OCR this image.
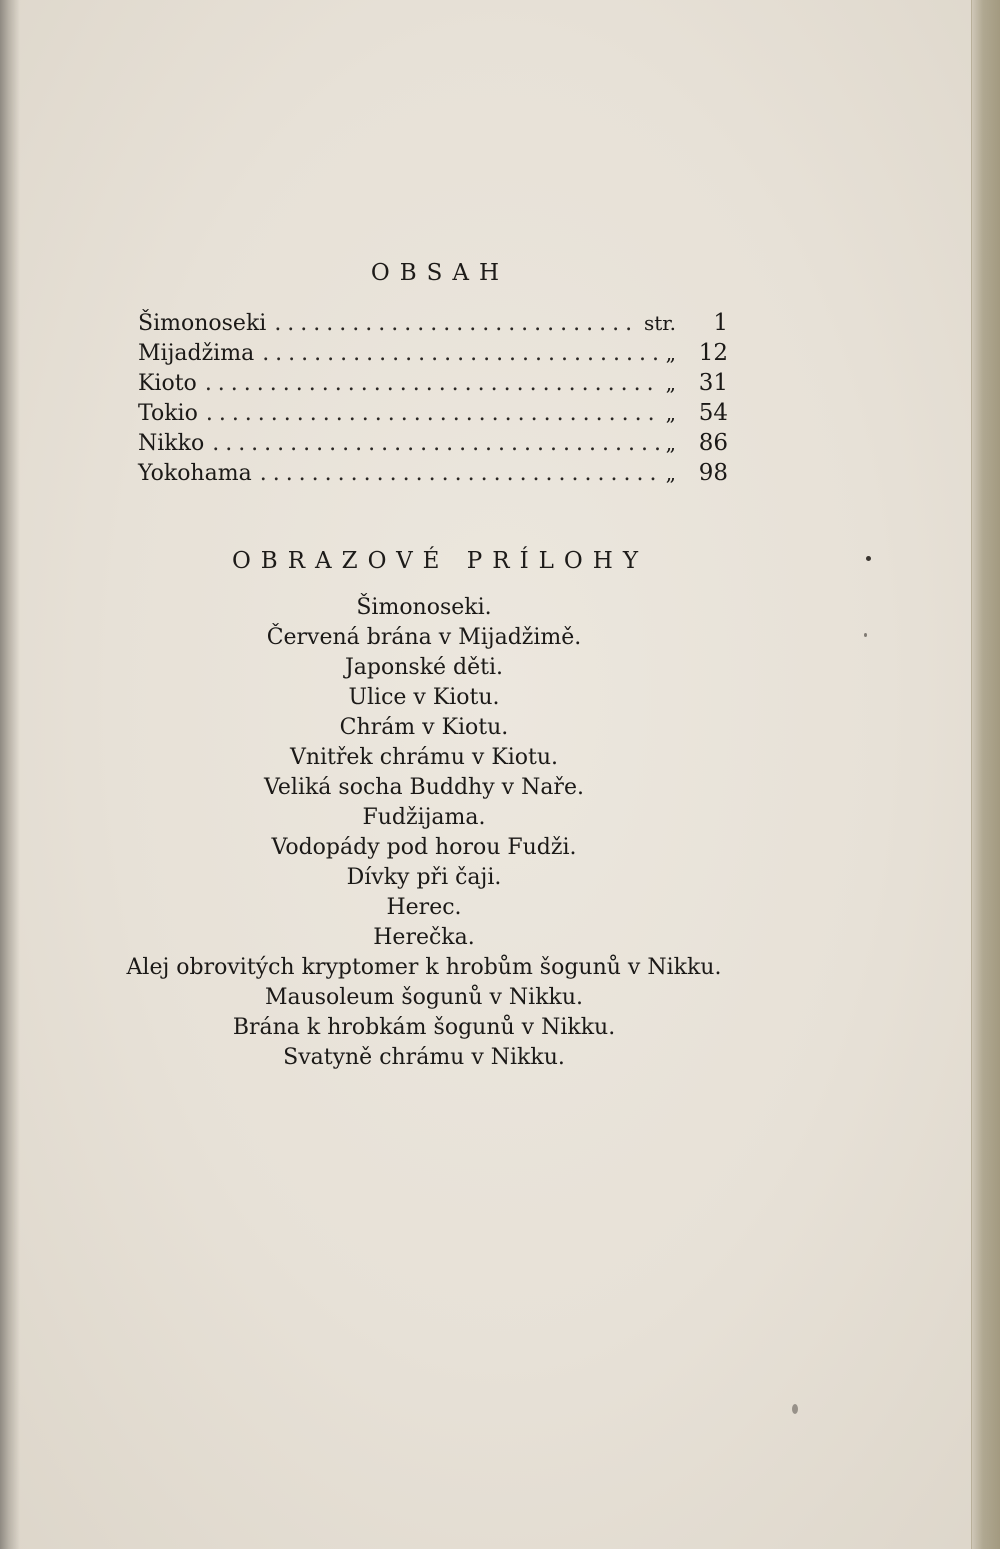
OBSAH
Šimonoseki .....	str.	1
Mijadžima .....	„ 12
Kioto .....	„ 31
Tokio .....	„ 54
Nikko .....	„ 86
Yokohama .....	„ 98
OBRAZOVÉ PRÍLOHY
Šimonoseki.
Červená brána v Mijadžimě.
Japonské děti.
Ulice v Kiotu.
Chrám v Kiotu.
Vnitřek chrámu v Kiotu.
Veliká socha Buddhy v Naře.
Fudžijama.
Vodopády pod horou Fudži.
Dívky při čaji.
Herec.
Herečka.
Alej obrovitých kryptomer k hrobům šogunů v Nikku.
Mausoleum šogunů v Nikku.
Brána k hrobkám šogunů v Nikku.
Svatyně chrámu v Nikku.
